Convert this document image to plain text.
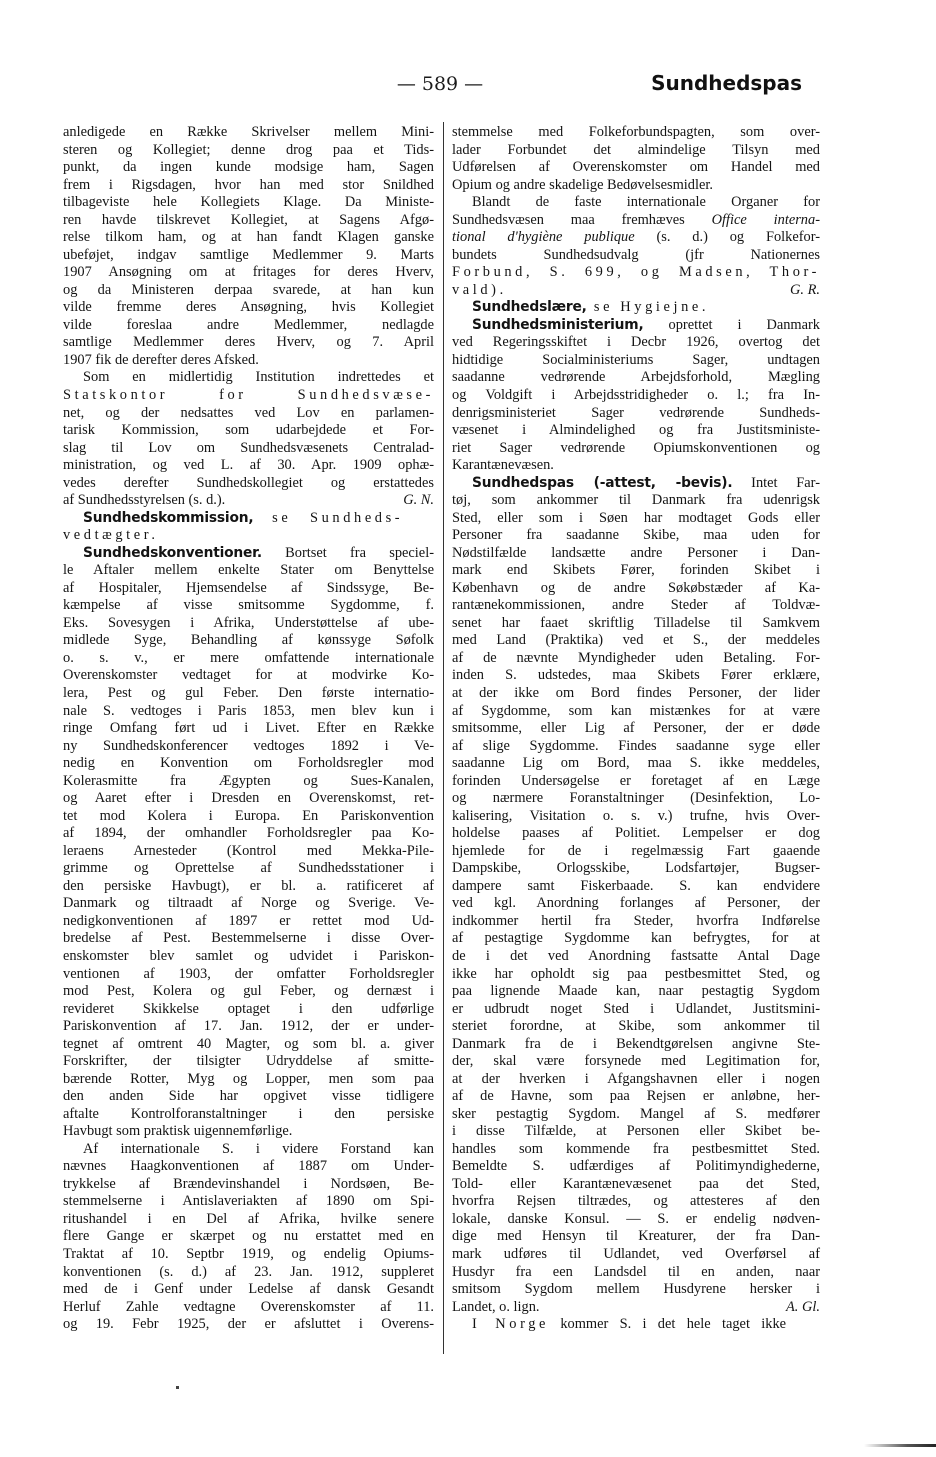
— 589 —	Sundhedspas
anledigede en Række Skrivelser mellem Mini-
steren og Kollegiet; denne drog paa et Tids-
punkt, da ingen kunde modsige ham, Sagen
frem i Rigsdagen, hvor han med stor Snildhed
tilbageviste hele Kollegiets Klage. Da Ministe-
ren havde tilskrevet Kollegiet, at Sagens Afgø-
relse tilkom ham, og at han fandt Klagen ganske
ubeføjet, indgav samtlige Medlemmer 9. Marts
1907 Ansøgning om at fritages for deres Hverv,
og da Ministeren derpaa svarede, at han kun
vilde fremme deres Ansøgning, hvis Kollegiet
vilde foreslaa andre Medlemmer, nedlagde
samtlige Medlemmer deres Hverv, og 7. April
1907 fik de derefter deres Afsked.
Som en midlertidig Institution indrettedes et
Statskontor for Sundhedsvæse-
net, og der nedsattes ved Lov en parlamen-
tarisk Kommission, som udarbejdede et For-
slag til Lov om Sundhedsvæsenets Centralad-
ministration, og ved L. af 30. Apr. 1909 ophæ-
vedes derefter Sundhedskollegiet og erstattedes
af Sundhedsstyrelsen (s. d.).	G. N.
Sundhedskommission, se Sundheds-
vedtægter.
Sundhedskonventioner. Bortset fra speciel-
le Aftaler mellem enkelte Stater om Benyttelse
af Hospitaler, Hjemsendelse af Sindssyge, Be-
kæmpelse af visse smitsomme Sygdomme, f.
Eks. Sovesygen i Afrika, Understøttelse af ube-
midlede Syge, Behandling af kønssyge Søfolk
o. s. v., er mere omfattende internationale
Overenskomster vedtaget for at modvirke Ko-
lera, Pest og gul Feber. Den første internatio-
nale S. vedtoges i Paris 1853, men blev kun i
ringe Omfang ført ud i Livet. Efter en Række
ny Sundhedskonferencer vedtoges 1892 i Ve-
nedig en Konvention om Forholdsregler mod
Kolerasmitte fra Ægypten og Sues-Kanalen,
og Aaret efter i Dresden en Overenskomst, ret-
tet mod Kolera i Europa. En Pariskonvention
af 1894, der omhandler Forholdsregler paa Ko-
leraens Arnesteder (Kontrol med Mekka-Pile-
grimme og Oprettelse af Sundhedsstationer i
den persiske Havbugt), er bl. a. ratificeret af
Danmark og tiltraadt af Norge og Sverige. Ve-
nedigkonventionen af 1897 er rettet mod Ud-
bredelse af Pest. Bestemmelserne i disse Over-
enskomster blev samlet og udvidet i Pariskon-
ventionen af 1903, der omfatter Forholdsregler
mod Pest, Kolera og gul Feber, og dernæst i
revideret Skikkelse optaget i den udførlige
Pariskonvention af 17. Jan. 1912, der er under-
tegnet af omtrent 40 Magter, og som bl. a. giver
Forskrifter, der tilsigter Udryddelse af smitte-
bærende Rotter, Myg og Lopper, men som paa
den anden Side har opgivet visse tidligere
aftalte Kontrolforanstaltninger i den persiske
Havbugt som praktisk uigennemførlige.
Af internationale S. i videre Forstand kan
nævnes Haagkonventionen af 1887 om Under-
trykkelse af Brændevinshandel i Nordsøen, Be-
stemmelserne i Antislaveriakten af 1890 om Spi-
ritushandel i en Del af Afrika, hvilke senere
flere Gange er skærpet og nu erstattet med en
Traktat af 10. Septbr 1919, og endelig Opiums-
konventionen (s. d.) af 23. Jan. 1912, suppleret
med de i Genf under Ledelse af dansk Gesandt
Herluf Zahle vedtagne Overenskomster af 11.
og 19. Febr 1925, der er afsluttet i Overens-
stemmelse med Folkeforbundspagten, som over-
lader Forbundet det almindelige Tilsyn med
Udførelsen af Overenskomster om Handel med
Opium og andre skadelige Bedøvelsesmidler.
Blandt de faste internationale Organer for
Sundhedsvæsen maa fremhæves Office interna-
tional d'hygiène publique (s. d.) og Folkefor-
bundets Sundhedsudvalg (jfr Nationernes
Forbund, S. 699, og Madsen, Thor-
vald).	G. R.
Sundhedslære, se Hygiejne.
Sundhedsministerium, oprettet i Danmark
ved Regeringsskiftet i Decbr 1926, overtog det
hidtidige Socialministeriums Sager, undtagen
saadanne vedrørende Arbejdsforhold, Mægling
og Voldgift i Arbejdsstridigheder o. l.; fra In-
denrigsministeriet Sager vedrørende Sundheds-
væsenet i Almindelighed og fra Justitsministe-
riet Sager vedrørende Opiumskonventionen og
Karantænevæsen.
Sundhedspas (-attest, -bevis). Intet Far-
tøj, som ankommer til Danmark fra udenrigsk
Sted, eller som i Søen har modtaget Gods eller
Personer fra saadanne Skibe, maa uden for
Nødstilfælde landsætte andre Personer i Dan-
mark end Skibets Fører, forinden Skibet i
København og de andre Søkøbstæder af Ka-
rantænekommissionen, andre Steder af Toldvæ-
senet har faaet skriftlig Tilladelse til Samkvem
med Land (Praktika) ved et S., der meddeles
af de nævnte Myndigheder uden Betaling. For-
inden S. udstedes, maa Skibets Fører erklære,
at der ikke om Bord findes Personer, der lider
af Sygdomme, som kan mistænkes for at være
smitsomme, eller Lig af Personer, der er døde
af slige Sygdomme. Findes saadanne syge eller
saadanne Lig om Bord, maa S. ikke meddeles,
forinden Undersøgelse er foretaget af en Læge
og nærmere Foranstaltninger (Desinfektion, Lo-
kalisering, Visitation o. s. v.) trufne, hvis Over-
holdelse paases af Politiet. Lempelser er dog
hjemlede for de i regelmæssig Fart gaaende
Dampskibe, Orlogsskibe, Lodsfartøjer, Bugser-
dampere samt Fiskerbaade. S. kan endvidere
ved kgl. Anordning forlanges af Personer, der
indkommer hertil fra Steder, hvorfra Indførelse
af pestagtige Sygdomme kan befrygtes, for at
de i det ved Anordning fastsatte Antal Dage
ikke har opholdt sig paa pestbesmittet Sted, og
paa lignende Maade kan, naar pestagtig Sygdom
er udbrudt noget Sted i Udlandet, Justitsmini-
steriet forordne, at Skibe, som ankommer til
Danmark fra de i Bekendtgørelsen angivne Ste-
der, skal være forsynede med Legitimation for,
at der hverken i Afgangshavnen eller i nogen
af de Havne, som paa Rejsen er anløbne, her-
sker pestagtig Sygdom. Mangel af S. medfører
i disse Tilfælde, at Personen eller Skibet be-
handles som kommende fra pestbesmittet Sted.
Bemeldte S. udfærdiges af Politimyndighederne,
Told- eller Karantænevæsenet paa det Sted,
hvorfra Rejsen tiltrædes, og attesteres af den
lokale, danske Konsul. — S. er endelig nødven-
dige med Hensyn til Kreaturer, der fra Dan-
mark udføres til Udlandet, ved Overførsel af
Husdyr fra een Landsdel til en anden, naar
smitsom Sygdom mellem Husdyrene hersker i
Landet, o. lign.	A. Gl.
I Norge kommer S. i det hele taget ikke
